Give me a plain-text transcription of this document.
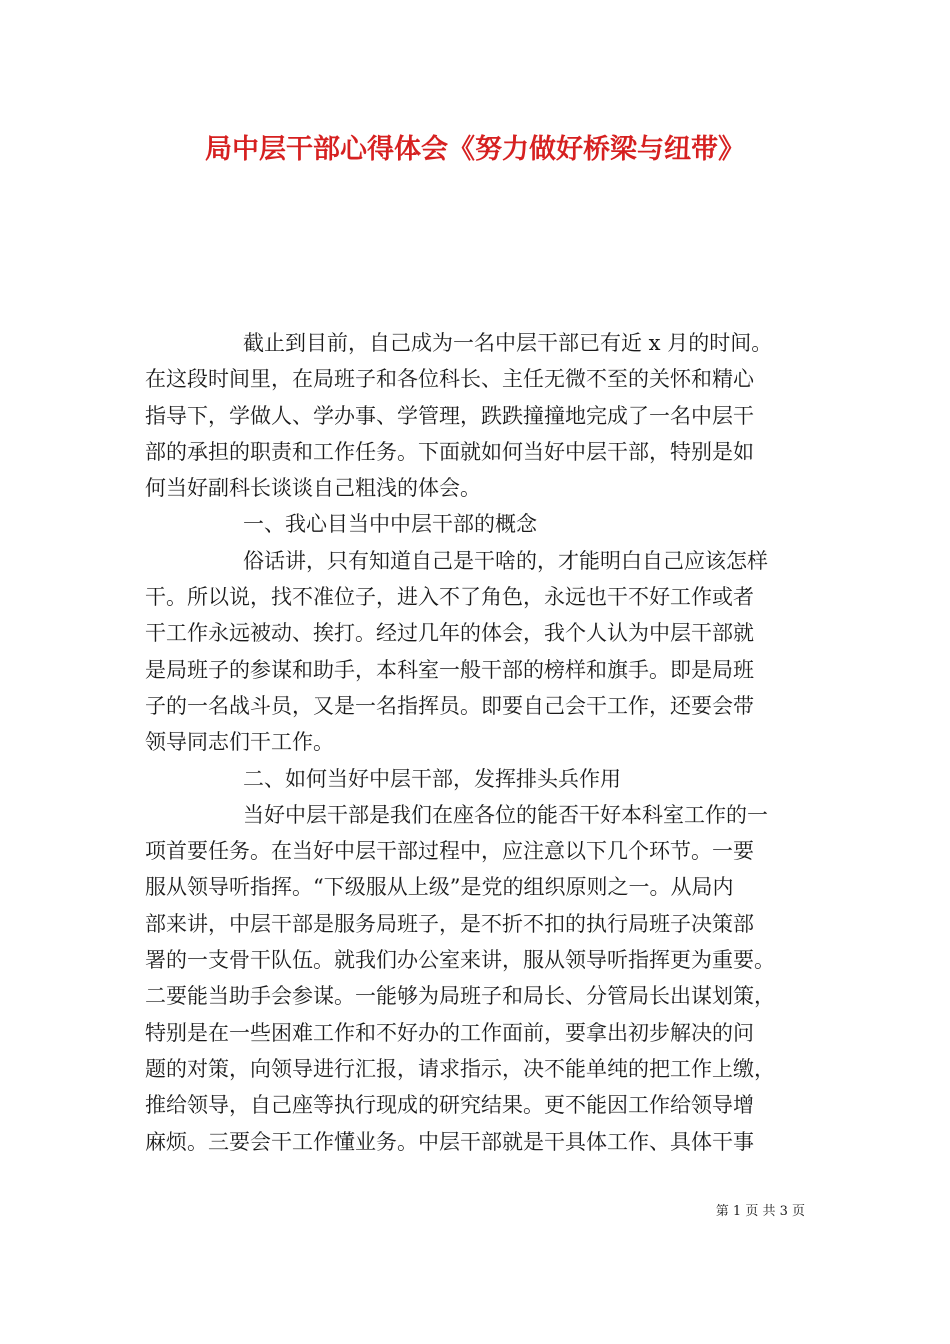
局中层干部心得体会《努力做好桥梁与纽带》
截止到目前，自己成为一名中层干部已有近 x 月的时间。
在这段时间里，在局班子和各位科长、主任无微不至的关怀和精心
指导下，学做人、学办事、学管理，跌跌撞撞地完成了一名中层干
部的承担的职责和工作任务。下面就如何当好中层干部，特别是如
何当好副科长谈谈自己粗浅的体会。
一、我心目当中中层干部的概念
俗话讲，只有知道自己是干啥的，才能明白自己应该怎样
干。所以说，找不准位子，进入不了角色，永远也干不好工作或者
干工作永远被动、挨打。经过几年的体会，我个人认为中层干部就
是局班子的参谋和助手，本科室一般干部的榜样和旗手。即是局班
子的一名战斗员，又是一名指挥员。即要自己会干工作，还要会带
领导同志们干工作。
二、如何当好中层干部，发挥排头兵作用
当好中层干部是我们在座各位的能否干好本科室工作的一
项首要任务。在当好中层干部过程中，应注意以下几个环节。一要
服从领导听指挥。“下级服从上级”是党的组织原则之一。从局内
部来讲，中层干部是服务局班子，是不折不扣的执行局班子决策部
署的一支骨干队伍。就我们办公室来讲，服从领导听指挥更为重要。
二要能当助手会参谋。一能够为局班子和局长、分管局长出谋划策，
特别是在一些困难工作和不好办的工作面前，要拿出初步解决的问
题的对策，向领导进行汇报，请求指示，决不能单纯的把工作上缴，
推给领导，自己座等执行现成的研究结果。更不能因工作给领导增
麻烦。三要会干工作懂业务。中层干部就是干具体工作、具体干事
第 1 页 共 3 页
